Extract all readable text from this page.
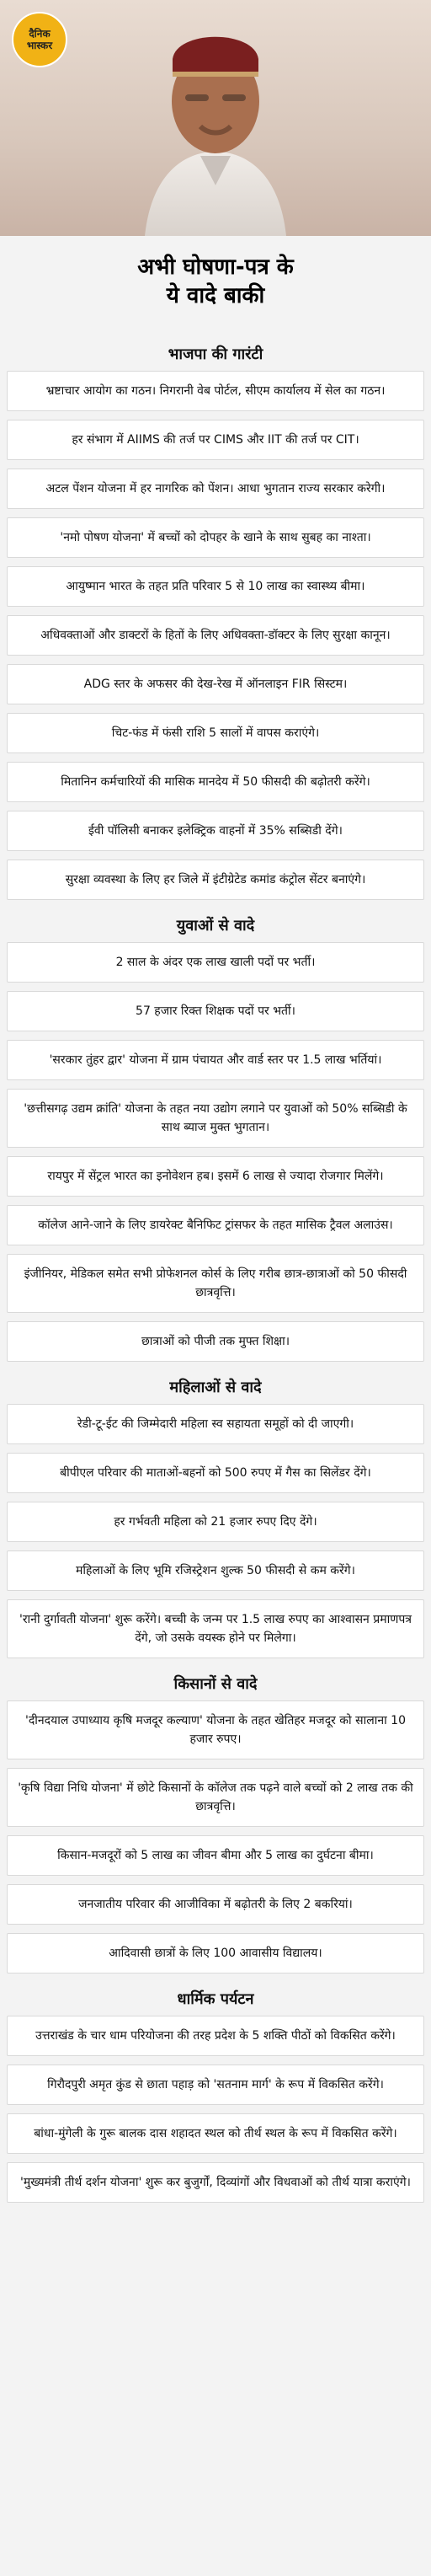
दैनिक
भास्कर
अभी घोषणा-पत्र के
ये वादे बाकी
भाजपा की गारंटी
भ्रष्टाचार आयोग का गठन। निगरानी वेब पोर्टल, सीएम कार्यालय में सेल का गठन।
हर संभाग में AIIMS की तर्ज पर CIMS और IIT की तर्ज पर CIT।
अटल पेंशन योजना में हर नागरिक को पेंशन। आधा भुगतान राज्य सरकार करेगी।
'नमो पोषण योजना' में बच्चों को दोपहर के खाने के साथ सुबह का नाश्ता।
आयुष्मान भारत के तहत प्रति परिवार 5 से 10 लाख का स्वास्थ्य बीमा।
अधिवक्ताओं और डाक्टरों के हितों के लिए अधिवक्ता-डॉक्टर के लिए सुरक्षा कानून।
ADG स्तर के अफसर की देख-रेख में ऑनलाइन FIR सिस्टम।
चिट-फंड में फंसी राशि 5 सालों में वापस कराएंगे।
मितानिन कर्मचारियों की मासिक मानदेय में 50 फीसदी की बढ़ोतरी करेंगे।
ईवी पॉलिसी बनाकर इलेक्ट्रिक वाहनों में 35% सब्सिडी देंगे।
सुरक्षा व्यवस्था के लिए हर जिले में इंटीग्रेटेड कमांड कंट्रोल सेंटर बनाएंगे।
युवाओं से वादे
2 साल के अंदर एक लाख खाली पदों पर भर्ती।
57 हजार रिक्त शिक्षक पदों पर भर्ती।
'सरकार तुंहर द्वार' योजना में ग्राम पंचायत और वार्ड स्तर पर 1.5 लाख भर्तियां।
'छत्तीसगढ़ उद्यम क्रांति' योजना के तहत नया उद्योग लगाने पर युवाओं को 50% सब्सिडी के साथ ब्याज मुक्त भुगतान।
रायपुर में सेंट्रल भारत का इनोवेशन हब। इसमें 6 लाख से ज्यादा रोजगार मिलेंगे।
कॉलेज आने-जाने के लिए डायरेक्ट बैनिफिट ट्रांसफर के तहत मासिक ट्रैवल अलाउंस।
इंजीनियर, मेडिकल समेत सभी प्रोफेशनल कोर्स के लिए गरीब छात्र-छात्राओं को 50 फीसदी छात्रवृत्ति।
छात्राओं को पीजी तक मुफ्त शिक्षा।
महिलाओं से वादे
रेडी-टू-ईट की जिम्मेदारी महिला स्व सहायता समूहों को दी जाएगी।
बीपीएल परिवार की माताओं-बहनों को 500 रुपए में गैस का सिलेंडर देंगे।
हर गर्भवती महिला को 21 हजार रुपए दिए देंगे।
महिलाओं के लिए भूमि रजिस्ट्रेशन शुल्क 50 फीसदी से कम करेंगे।
'रानी दुर्गावती योजना' शुरू करेंगे। बच्ची के जन्म पर 1.5 लाख रुपए का आश्वासन प्रमाणपत्र देंगे, जो उसके वयस्क होने पर मिलेगा।
किसानों से वादे
'दीनदयाल उपाध्याय कृषि मजदूर कल्याण' योजना के तहत खेतिहर मजदूर को सालाना 10 हजार रुपए।
'कृषि विद्या निधि योजना' में छोटे किसानों के कॉलेज तक पढ़ने वाले बच्चों को 2 लाख तक की छात्रवृत्ति।
किसान-मजदूरों को 5 लाख का जीवन बीमा और 5 लाख का दुर्घटना बीमा।
जनजातीय परिवार की आजीविका में बढ़ोतरी के लिए 2 बकरियां।
आदिवासी छात्रों के लिए 100 आवासीय विद्यालय।
धार्मिक पर्यटन
उत्तराखंड के चार धाम परियोजना की तरह प्रदेश के 5 शक्ति पीठों को विकसित करेंगे।
गिरौदपुरी अमृत कुंड से छाता पहाड़ को 'सतनाम मार्ग' के रूप में विकसित करेंगे।
बांधा-मुंगेली के गुरू बालक दास शहादत स्थल को तीर्थ स्थल के रूप में विकसित करेंगे।
'मुख्यमंत्री तीर्थ दर्शन योजना' शुरू कर बुजुर्गों, दिव्यांगों और विधवाओं को तीर्थ यात्रा कराएंगे।
